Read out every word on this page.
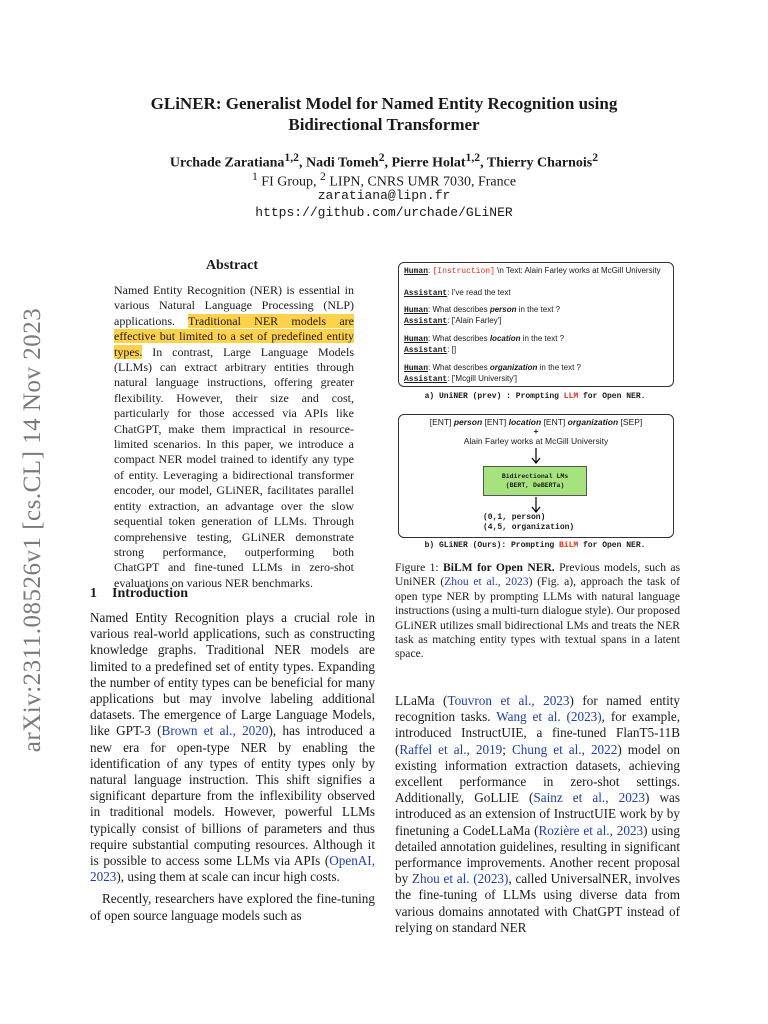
arXiv:2311.08526v1 [cs.CL] 14 Nov 2023
GLiNER: Generalist Model for Named Entity Recognition using
Bidirectional Transformer
Urchade Zaratiana$^{1,2}$, Nadi Tomeh$^2$, Pierre Holat$^{1,2}$, Thierry Charnois$^2$
$^1$ FI Group, $^2$ LIPN, CNRS UMR 7030, France
zaratiana@lipn.fr
https://github.com/urchade/GLiNER
Abstract
Named Entity Recognition (NER) is essential in various Natural Language Processing (NLP) applications. Traditional NER models are effective but limited to a set of predefined entity types. In contrast, Large Language Models (LLMs) can extract arbitrary entities through natural language instructions, offering greater flexibility. However, their size and cost, particularly for those accessed via APIs like ChatGPT, make them impractical in resource-limited scenarios. In this paper, we introduce a compact NER model trained to identify any type of entity. Leveraging a bidirectional transformer encoder, our model, GLiNER, facilitates parallel entity extraction, an advantage over the slow sequential token generation of LLMs. Through comprehensive testing, GLiNER demonstrate strong performance, outperforming both ChatGPT and fine-tuned LLMs in zero-shot evaluations on various NER benchmarks.
1 Introduction

Named Entity Recognition plays a crucial role in various real-world applications, such as constructing knowledge graphs. Traditional NER models are limited to a predefined set of entity types. Expanding the number of entity types can be beneficial for many applications but may involve labeling additional datasets. The emergence of Large Language Models, like GPT-3 (Brown et al., 2020), has introduced a new era for open-type NER by enabling the identification of any types of entity types only by natural language instruction. This shift signifies a significant departure from the inflexibility observed in traditional models. However, powerful LLMs typically consist of billions of parameters and thus require substantial computing resources. Although it is possible to access some LLMs via APIs (OpenAI, 2023), using them at scale can incur high costs.

Recently, researchers have explored the fine-tuning of open source language models such as

LLaMa (Touvron et al., 2023) for named entity recognition tasks. Wang et al. (2023), for example, introduced InstructUIE, a fine-tuned FlanT5-11B (Raffel et al., 2019; Chung et al., 2022) model on existing information extraction datasets, achieving excellent performance in zero-shot settings. Additionally, GoLLIE (Sainz et al., 2023) was introduced as an extension of InstructUIE work by by finetuning a CodeLLaMa (Rozière et al., 2023) using detailed annotation guidelines, resulting in significant performance improvements. Another recent proposal by Zhou et al. (2023), called UniversalNER, involves the fine-tuning of LLMs using diverse data from various domains annotated with ChatGPT instead of relying on standard NER

Human: [Instruction] \n Text: Alain Farley works at McGill University
Assistant: I've read the text
Human: What describes person in the text ?
Assistant: ['Alain Farley']
Human: What describes location in the text ?
Assistant: []
Human: What describes organization in the text ?
Assistant: ['Mcgill University']
a) UniNER (prev) : Prompting LLM for Open NER.
[ENT] person [ENT] location [ENT] organization [SEP]
+
Alain Farley works at McGill University
Bidirectional LMs
(BERT, DeBERTa)
(0,1, person)
(4,5, organization)
b) GLiNER (Ours): Prompting BiLM for Open NER.
Figure 1: BiLM for Open NER. Previous models, such as UniNER (Zhou et al., 2023) (Fig. a), approach the task of open type NER by prompting LLMs with natural language instructions (using a multi-turn dialogue style). Our proposed GLiNER utilizes small bidirectional LMs and treats the NER task as matching entity types with textual spans in a latent space.
